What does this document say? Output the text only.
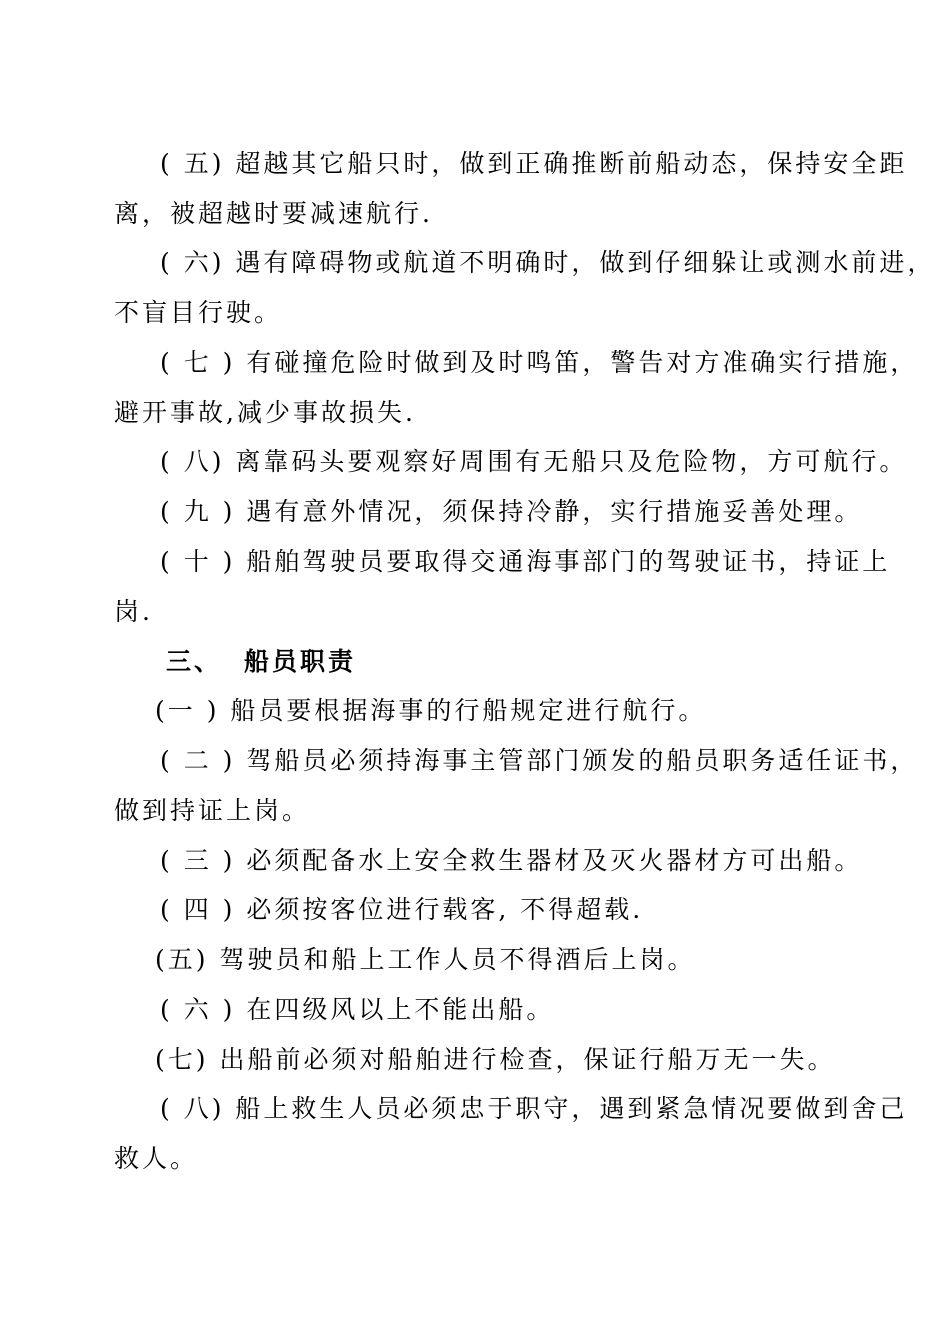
( 五) 超越其它船只时，做到正确推断前船动态，保持安全距
离，被超越时要减速航行.
( 六) 遇有障碍物或航道不明确时，做到仔细躲让或测水前进，
不盲目行驶。
( 七 ) 有碰撞危险时做到及时鸣笛，警告对方准确实行措施，
避开事故,减少事故损失.
( 八) 离靠码头要观察好周围有无船只及危险物，方可航行。
( 九 ) 遇有意外情况，须保持冷静，实行措施妥善处理。
( 十 ) 船舶驾驶员要取得交通海事部门的驾驶证书，持证上
岗.
三、 船员职责
(一 ) 船员要根据海事的行船规定进行航行。
( 二 ) 驾船员必须持海事主管部门颁发的船员职务适任证书，
做到持证上岗。
( 三 ) 必须配备水上安全救生器材及灭火器材方可出船。
( 四 ) 必须按客位进行载客, 不得超载.
(五) 驾驶员和船上工作人员不得酒后上岗。
( 六 ) 在四级风以上不能出船。
(七) 出船前必须对船舶进行检查，保证行船万无一失。
( 八) 船上救生人员必须忠于职守，遇到紧急情况要做到舍己
救人。
